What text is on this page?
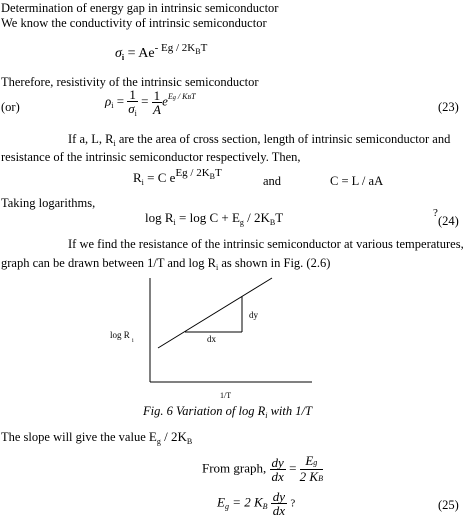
Determination of energy gap in intrinsic semiconductor
We know the conductivity of intrinsic semiconductor
$\sigma_i = Ae^{- Eg / 2K_BT}$
Therefore, resistivity of the intrinsic semiconductor
(or)	$\rho_i = \frac{1}{\sigma_i} = \frac{1}{A} e^{Eg / KBT}$
(23)
If a, L, $R_i$ are the area of cross section, length of intrinsic semiconductor and
resistance of the intrinsic semiconductor respectively. Then,
$R_i = C$ $e^{Eg / 2K_BT}$
and	C = L / aA
Taking logarithms,
$\log R_i = \log C + E_g / 2K_BT$	?
(24)
If we find the resistance of the intrinsic semiconductor at various temperatures,
graph can be drawn between 1/T and $\log R_i$ as shown in Fig. (2.6)
dy
dx
log R
i
1/T
Fig. 6 Variation of $\log R_i$ with 1/T
The slope will give the value $E_g / 2K_B$
From graph, $\frac{dy}{dx} = \frac{Eg}{2 KB}$
$E_g = 2$ $K_B \frac{dy}{dx}$ ?	(25)
